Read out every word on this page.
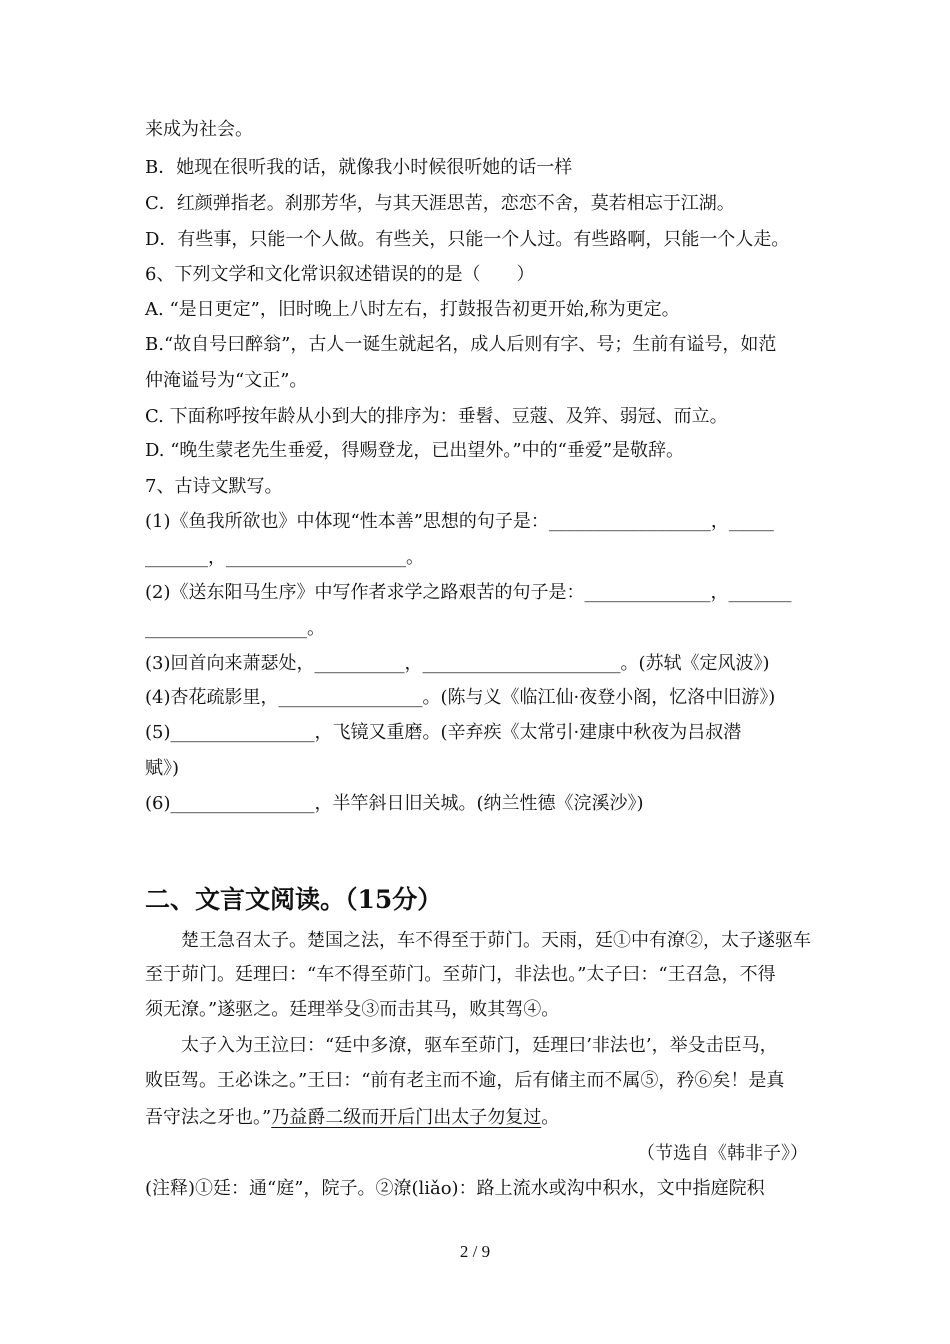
来成为社会。
B．她现在很听我的话，就像我小时候很听她的话一样
C．红颜弹指老。刹那芳华，与其天涯思苦，恋恋不舍，莫若相忘于江湖。
D．有些事，只能一个人做。有些关，只能一个人过。有些路啊，只能一个人走。
6、下列文学和文化常识叙述错误的的是（　　）
A. “是日更定”，旧时晚上八时左右，打鼓报告初更开始,称为更定。
B.“故自号曰醉翁”，古人一诞生就起名，成人后则有字、号；生前有谥号，如范
仲淹谥号为“文正”。
C. 下面称呼按年龄从小到大的排序为：垂髫、豆蔻、及笄、弱冠、而立。
D. “晚生蒙老先生垂爱，得赐登龙，已出望外。”中的“垂爱”是敬辞。
7、古诗文默写。
(1)《鱼我所欲也》中体现“性本善”思想的句子是：__________________，_____
_______，____________________。
(2)《送东阳马生序》中写作者求学之路艰苦的句子是：______________，_______
__________________。
(3)回首向来萧瑟处，__________，______________________。(苏轼《定风波》)
(4)杏花疏影里，________________。(陈与义《临江仙·夜登小阁，忆洛中旧游》)
(5)________________，飞镜又重磨。(辛弃疾《太常引·建康中秋夜为吕叔潜
赋》)
(6)________________，半竿斜日旧关城。(纳兰性德《浣溪沙》)
二、文言文阅读。（15分）
　　楚王急召太子。楚国之法，车不得至于茆门。天雨，廷①中有潦②，太子遂驱车
至于茆门。廷理曰：“车不得至茆门。至茆门，非法也。”太子曰：“王召急，不得
须无潦。”遂驱之。廷理举殳③而击其马，败其驾④。
　　太子入为王泣曰：“廷中多潦，驱车至茆门，廷理曰’非法也’，举殳击臣马，
败臣驾。王必诛之。”王曰：“前有老主而不逾，后有储主而不属⑤，矜⑥矣！是真
吾守法之牙也。”乃益爵二级而开后门出太子勿复过。
（节选自《韩非子》）
(注释)①廷：通“庭”，院子。②潦(liǎo)：路上流水或沟中积水，文中指庭院积
2 / 9
